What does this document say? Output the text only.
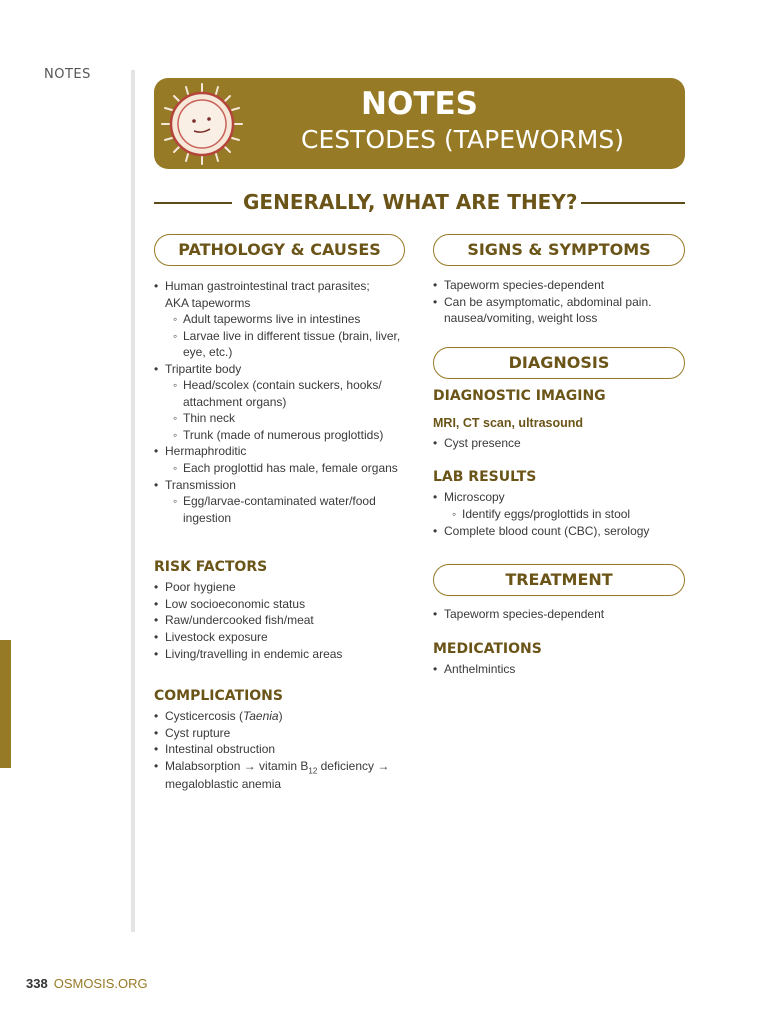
NOTES
NOTES
CESTODES (TAPEWORMS)
GENERALLY, WHAT ARE THEY?
PATHOLOGY & CAUSES
• Human gastrointestinal tract parasites;
AKA tapeworms
◦ Adult tapeworms live in intestines
◦ Larvae live in different tissue (brain, liver,
eye, etc.)
• Tripartite body
◦ Head/scolex (contain suckers, hooks/
attachment organs)
◦ Thin neck
◦ Trunk (made of numerous proglottids)
• Hermaphroditic
◦ Each proglottid has male, female organs
• Transmission
◦ Egg/larvae-contaminated water/food
ingestion
RISK FACTORS
• Poor hygiene
• Low socioeconomic status
• Raw/undercooked fish/meat
• Livestock exposure
• Living/travelling in endemic areas
COMPLICATIONS
• Cysticercosis (Taenia)
• Cyst rupture
• Intestinal obstruction
• Malabsorption → vitamin $B_{12}$ deficiency →
megaloblastic anemia
SIGNS & SYMPTOMS
• Tapeworm species-dependent
• Can be asymptomatic, abdominal pain.
nausea/vomiting, weight loss
DIAGNOSIS
DIAGNOSTIC IMAGING
MRI, CT scan, ultrasound
• Cyst presence
LAB RESULTS
• Microscopy
◦ Identify eggs/proglottids in stool
• Complete blood count (CBC), serology
TREATMENT
• Tapeworm species-dependent
MEDICATIONS
• Anthelmintics
338 OSMOSIS.ORG
